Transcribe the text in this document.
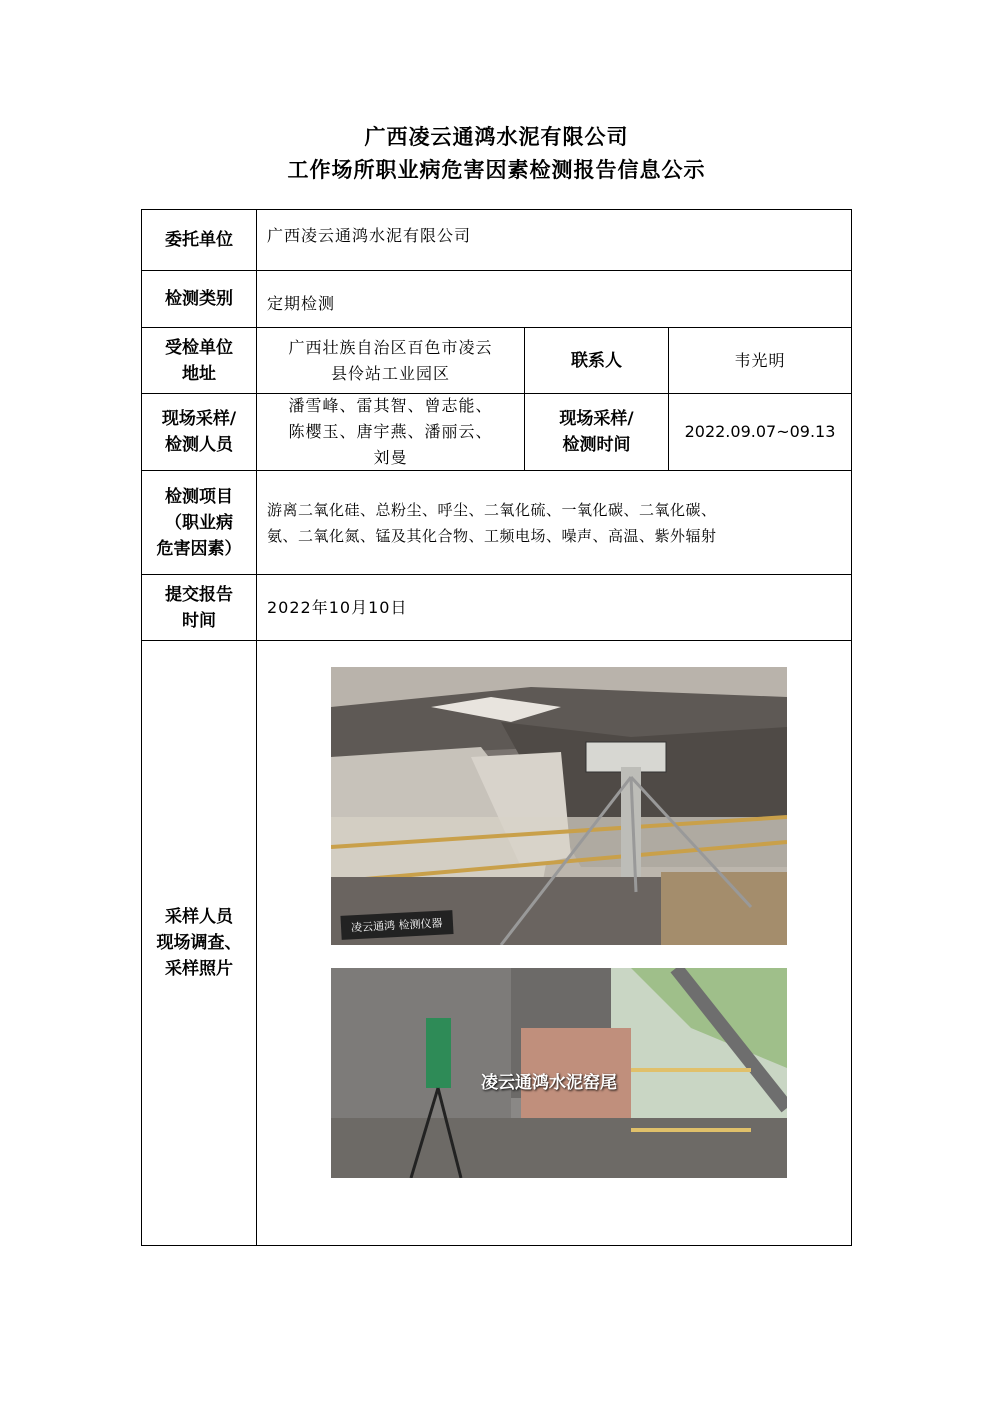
广西凌云通鸿水泥有限公司
工作场所职业病危害因素检测报告信息公示
委托单位 广西凌云通鸿水泥有限公司
检测类别 定期检测
受检单位
地址
广西壮族自治区百色市凌云
县伶站工业园区
联系人	韦光明
现场采样/
检测人员
潘雪峰、雷其智、曾志能、
陈樱玉、唐宇燕、潘丽云、
刘曼
现场采样/
检测时间
2022.09.07~09.13
检测项目
（职业病
危害因素）
游离二氧化硅、总粉尘、呼尘、二氧化硫、一氧化碳、二氧化碳、
氨、二氧化氮、锰及其化合物、工频电场、噪声、高温、紫外辐射
提交报告
时间
2022年10月10日
采样人员
现场调查、
采样照片
凌云通鸿 检测仪器
凌云通鸿水泥窑尾
